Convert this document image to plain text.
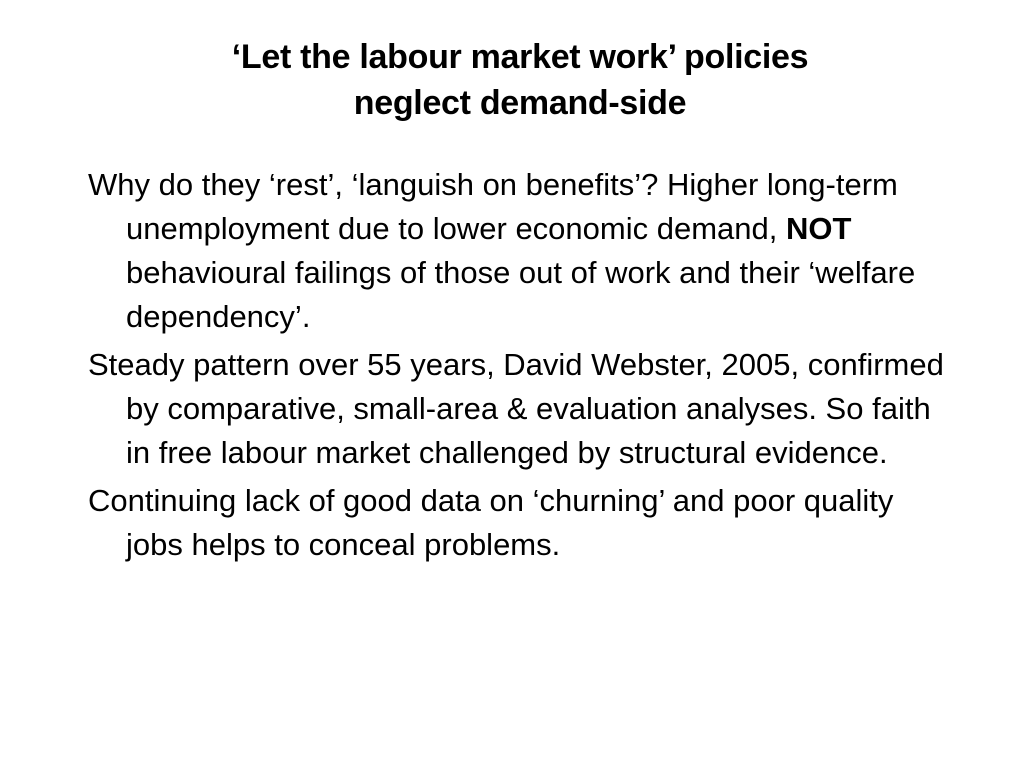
‘Let the labour market work’ policies
neglect demand-side
Why do they ‘rest’, ‘languish on benefits’? Higher long-term unemployment due to lower economic demand, NOT behavioural failings of those out of work and their ‘welfare dependency’.
Steady pattern over 55 years, David Webster, 2005, confirmed by comparative, small-area & evaluation analyses. So faith in free labour market challenged by structural evidence.
Continuing lack of good data on ‘churning’ and poor quality jobs helps to conceal problems.
